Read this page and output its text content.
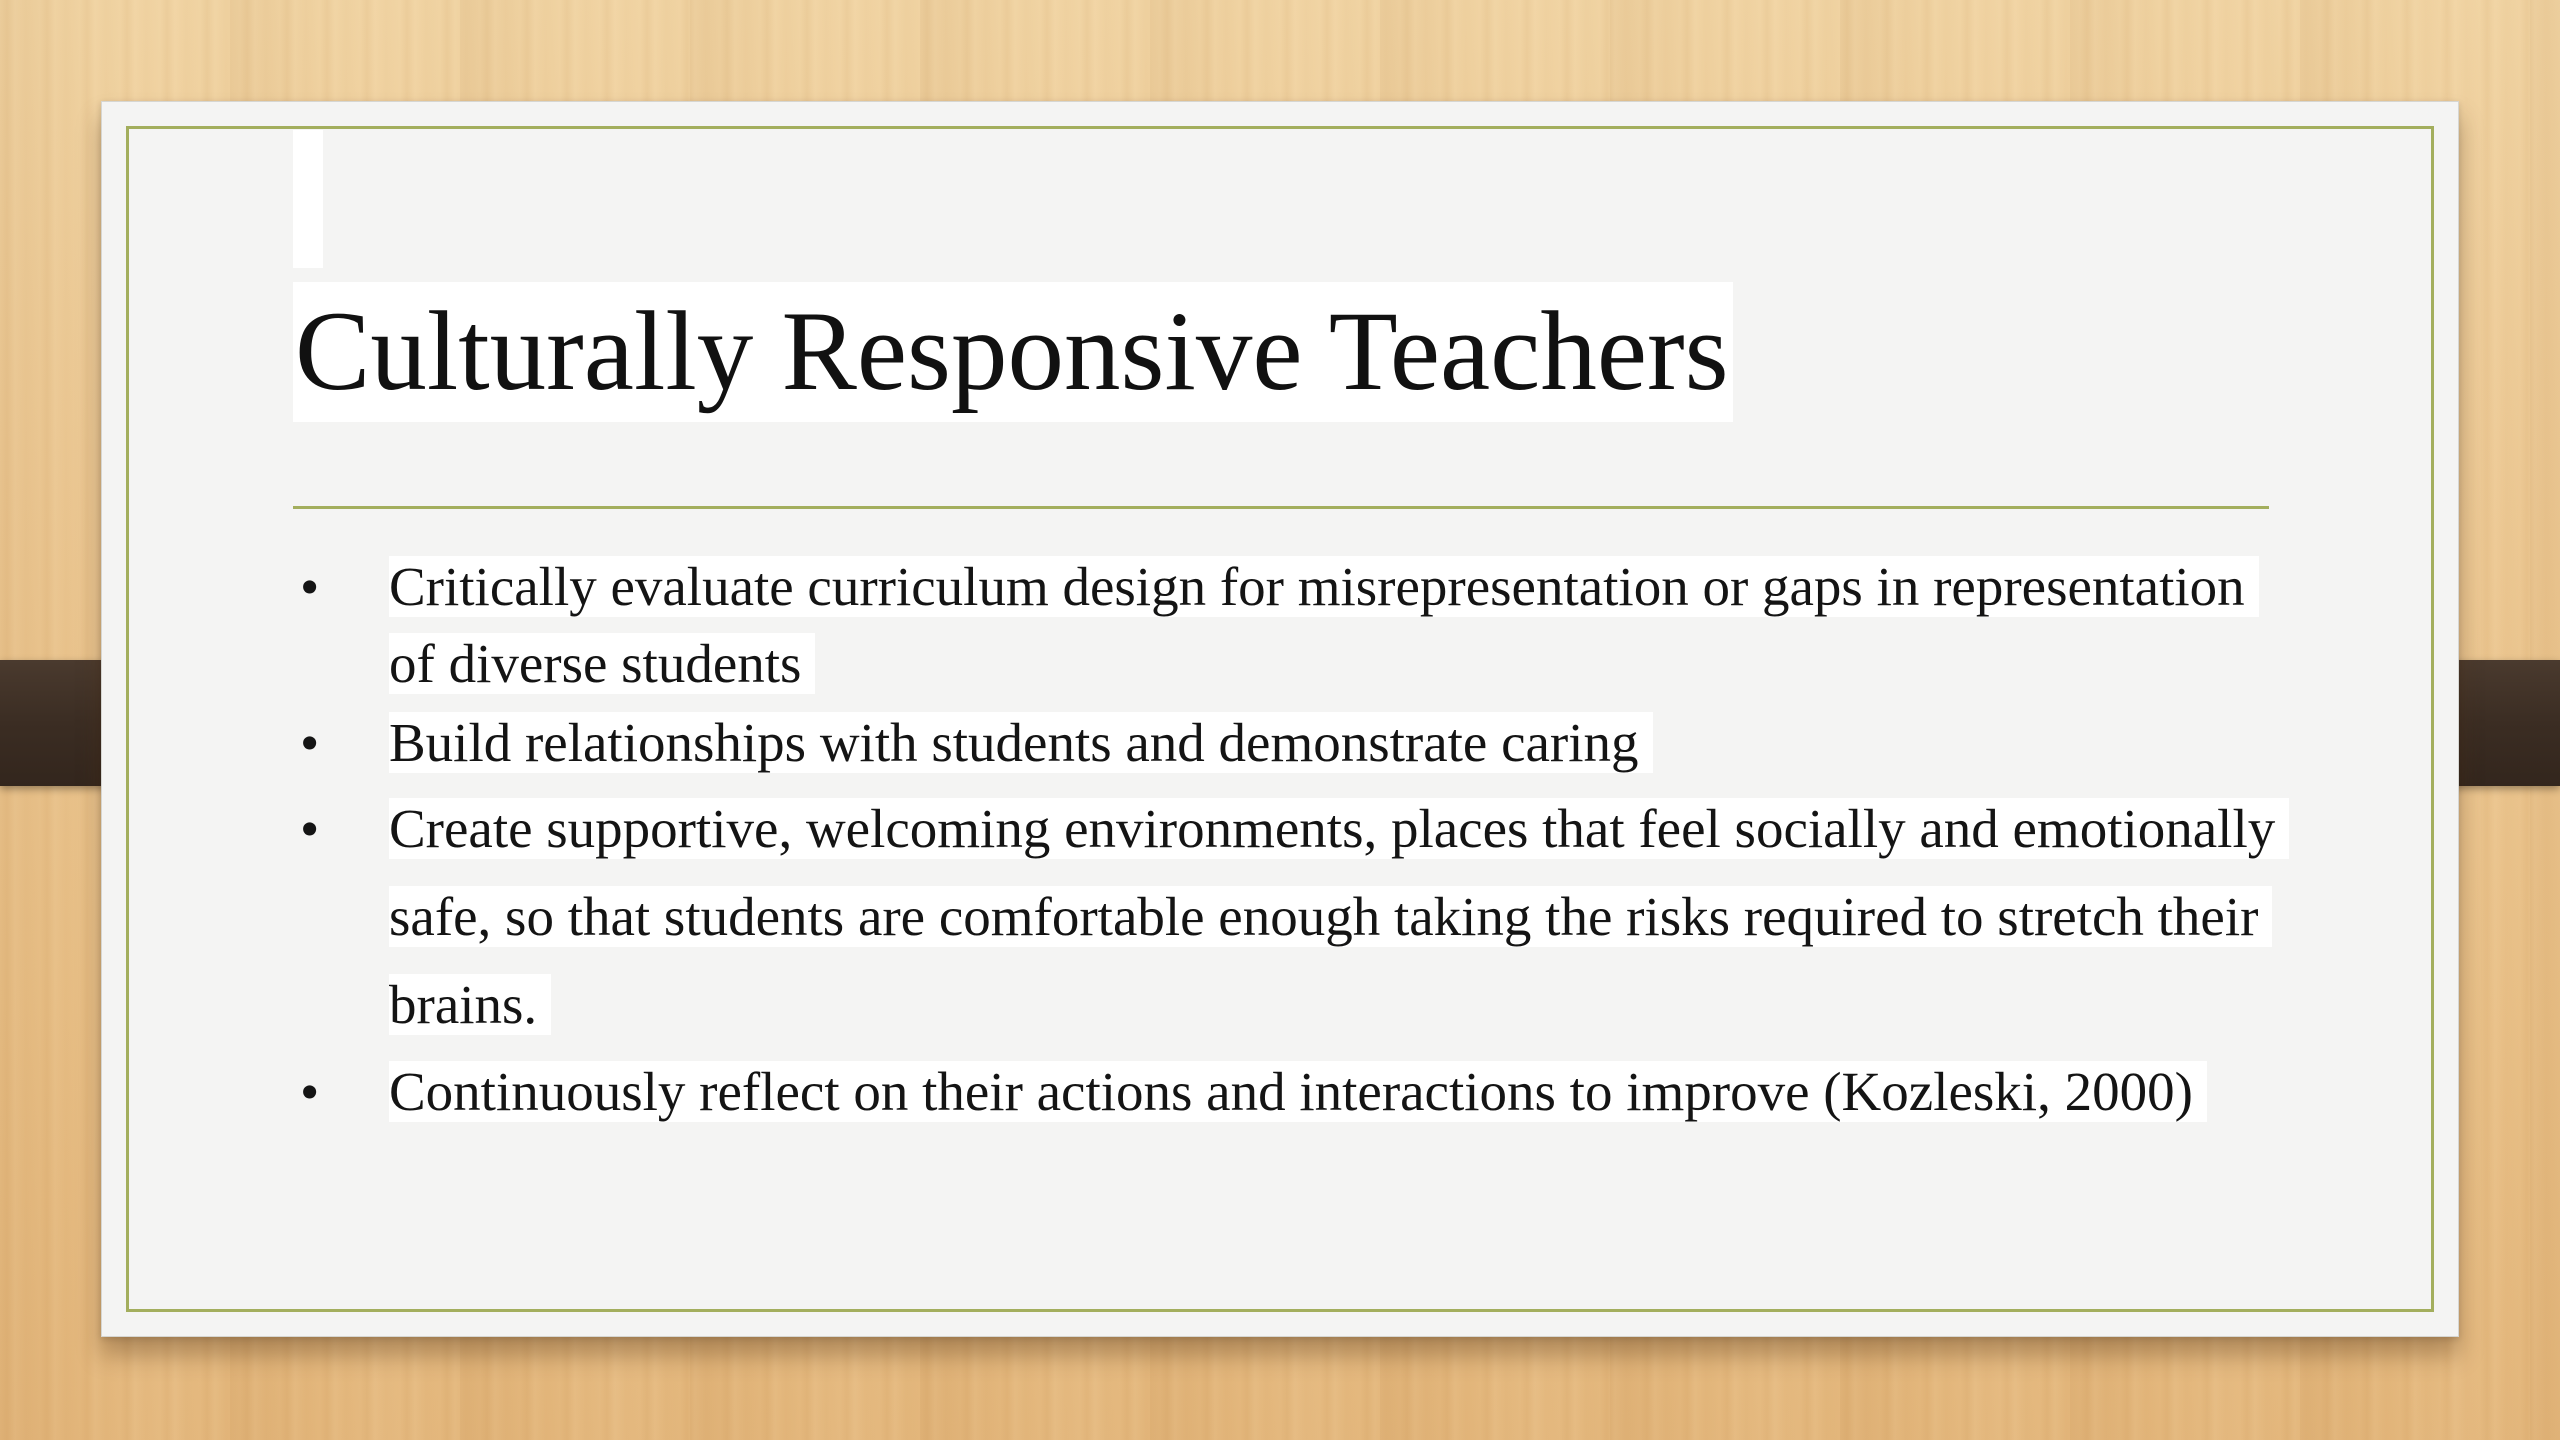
Culturally Responsive Teachers
• Critically evaluate curriculum design for misrepresentation or gaps in representation of diverse students
• Build relationships with students and demonstrate caring
• Create supportive, welcoming environments, places that feel socially and emotionally safe, so that students are comfortable enough taking the risks required to stretch their brains.
• Continuously reflect on their actions and interactions to improve (Kozleski, 2000)
